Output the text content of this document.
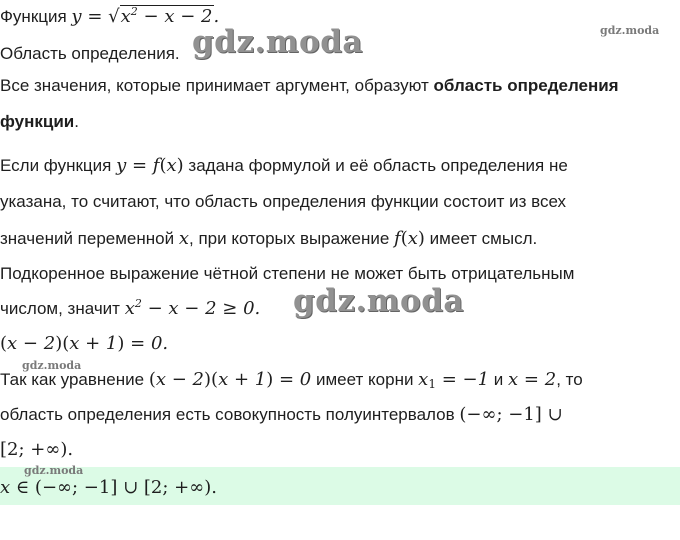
Функция $y = √x^2 - x - 2$.
Область определения.
Все значения, которые принимает аргумент, образуют область определения
функции.
Если функция y = f(x) задана формулой и её область определения не
указана, то считают, что область определения функции состоит из всех
значений переменной x, при которых выражение f(x) имеет смысл.
Подкоренное выражение чётной степени не может быть отрицательным
числом, значит $x^2 - x - 2 \ge 0$.
(x − 2)(x + 1) = 0.
Так как уравнение (x − 2)(x + 1) = 0 имеет корни x1 = −1 и x = 2, то
область определения есть совокупность полуинтервалов (−∞; −1] ∪
[2; +∞).
x ∈ (−∞; −1] ∪ [2; +∞).
gdz.moda
gdz.moda
gdz.moda
gdz.moda
gdz.moda
